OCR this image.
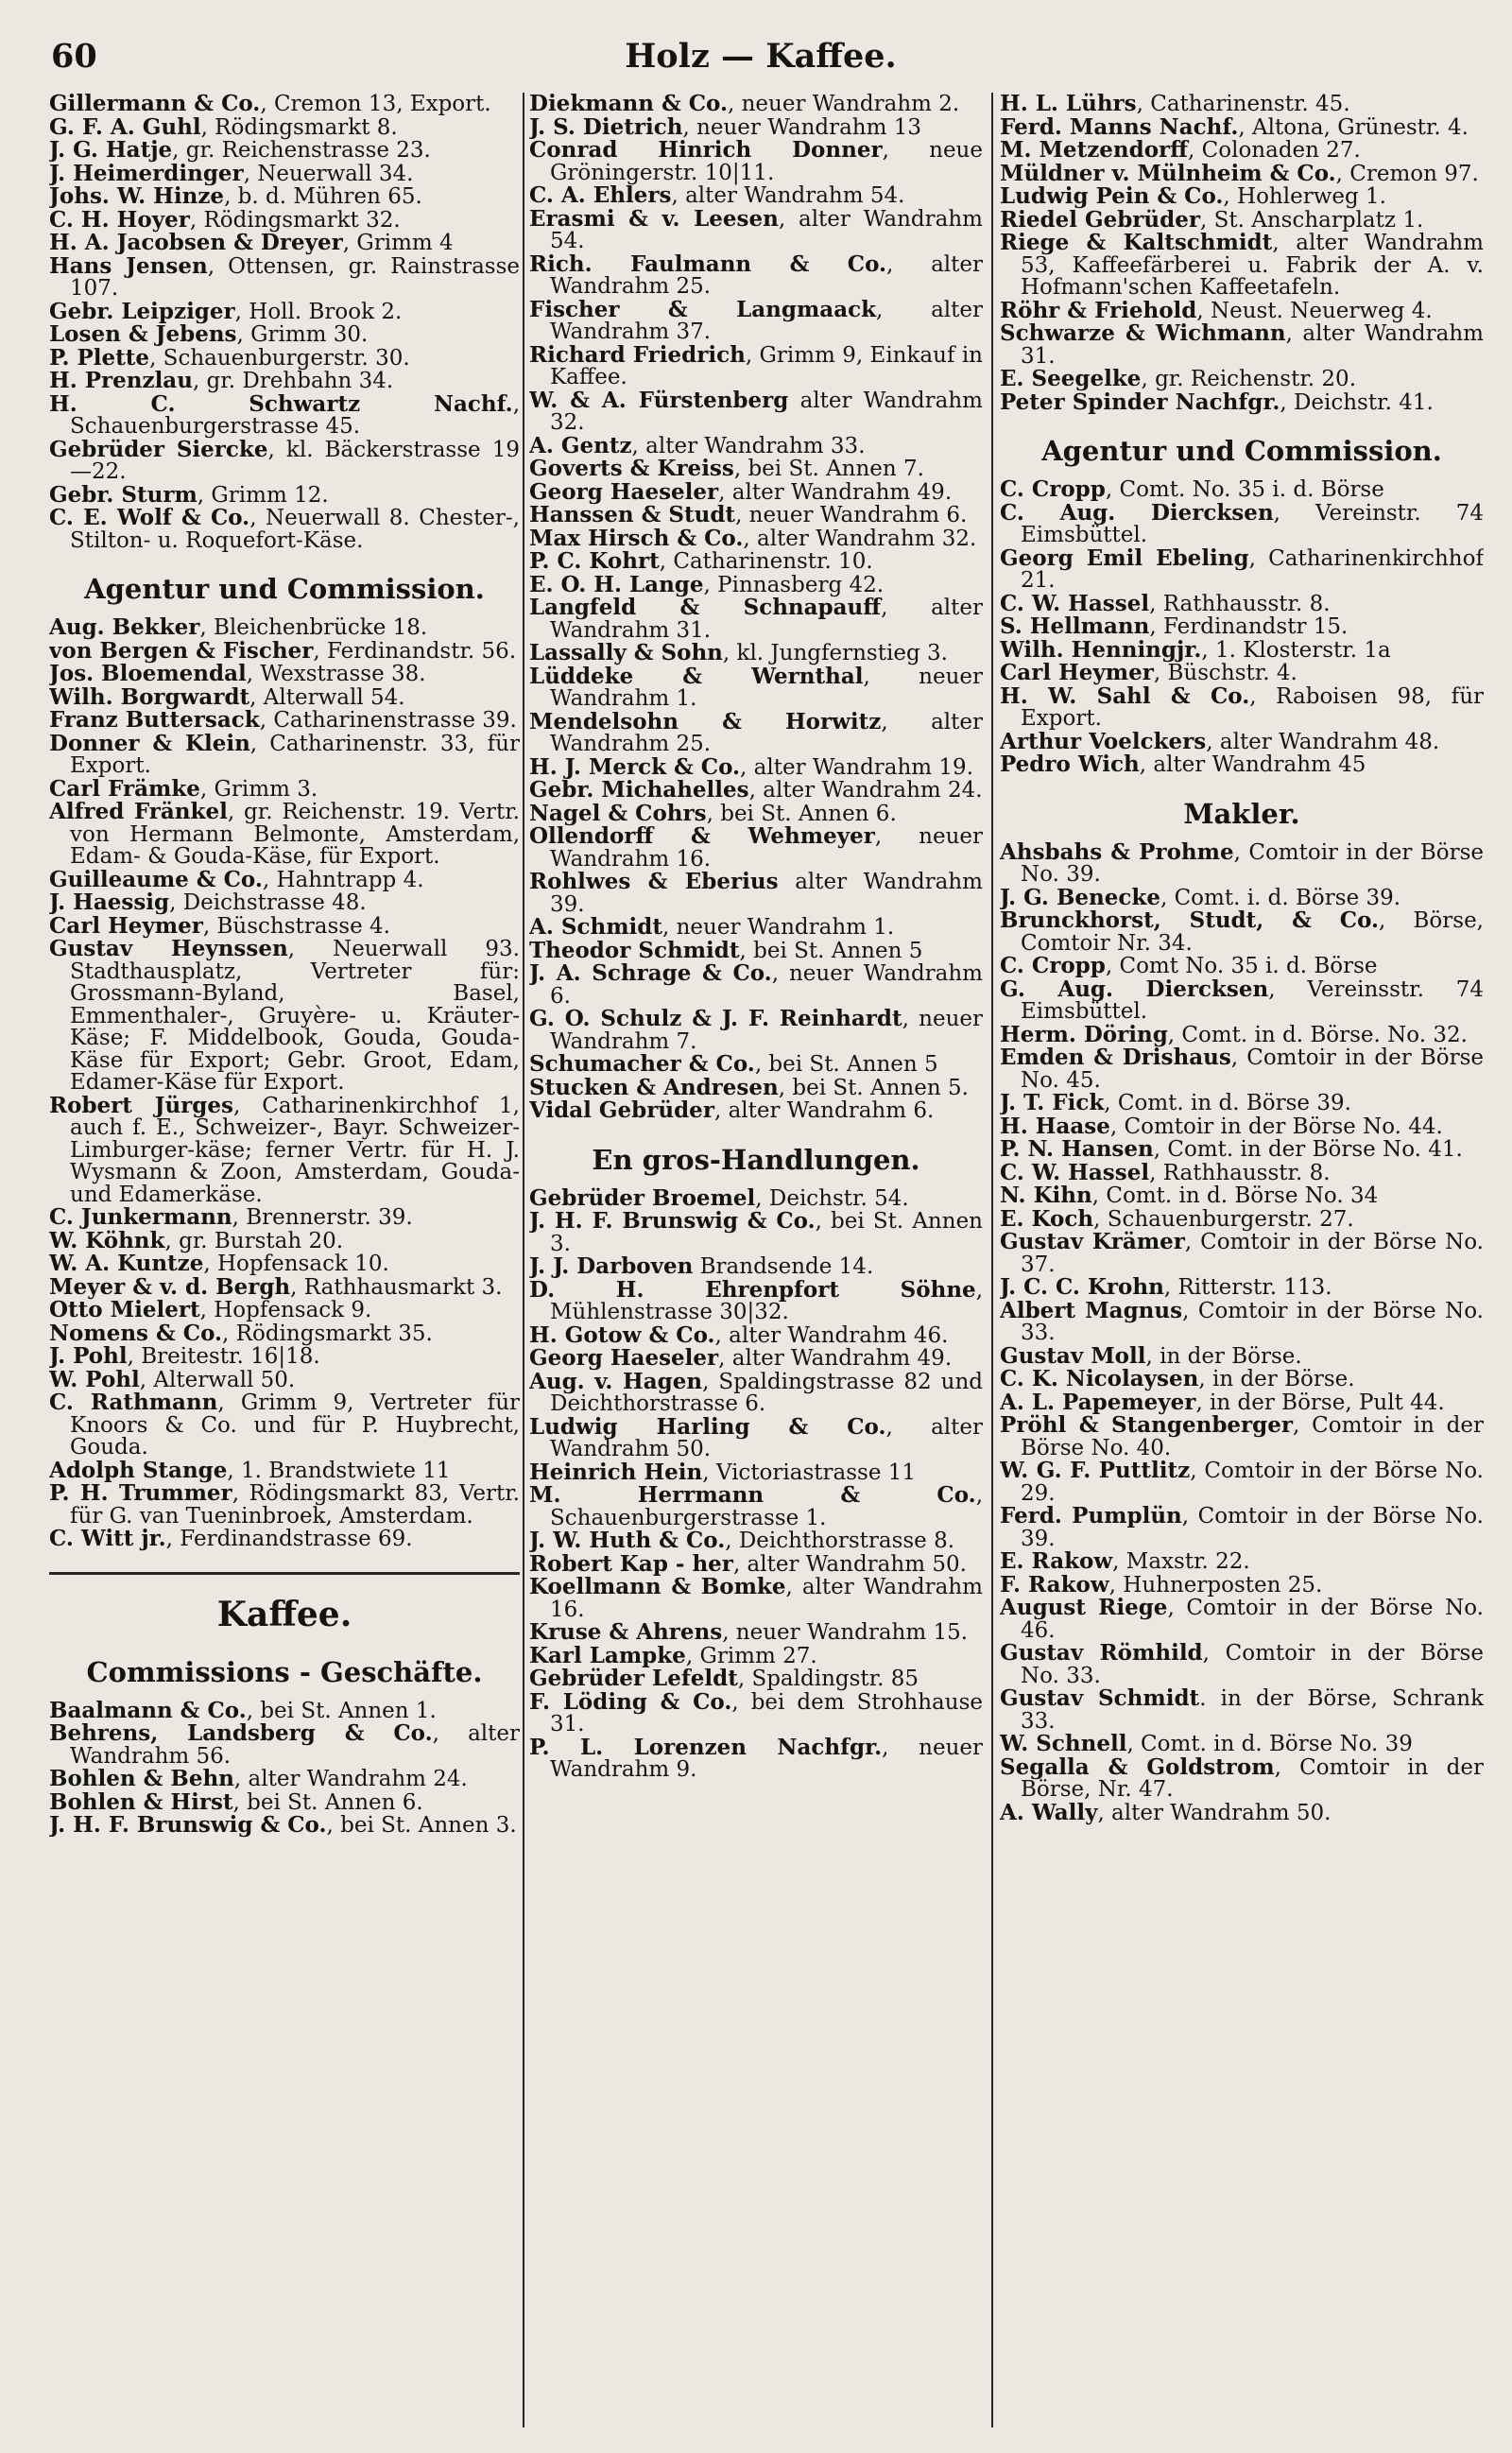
60	Holz — Kaffee.

Gillermann & Co., Cremon 13, Export.

G. F. A. Guhl, Rödingsmarkt 8.

J. G. Hatje, gr. Reichenstrasse 23.

J. Heimerdinger, Neuerwall 34.

Johs. W. Hinze, b. d. Mühren 65.

C. H. Hoyer, Rödingsmarkt 32.

H. A. Jacobsen & Dreyer, Grimm 4

Hans Jensen, Ottensen, gr. Rainstrasse 107.

Gebr. Leipziger, Holl. Brook 2.

Losen & Jebens, Grimm 30.

P. Plette, Schauenburgerstr. 30.

H. Prenzlau, gr. Drehbahn 34.

H. C. Schwartz Nachf., Schauenburgerstrasse 45.

Gebrüder Siercke, kl. Bäckerstrasse 19—22.

Gebr. Sturm, Grimm 12.

C. E. Wolf & Co., Neuerwall 8. Chester-, Stilton- u. Roquefort-Käse.

Agentur und Commission.

Aug. Bekker, Bleichenbrücke 18.

von Bergen & Fischer, Ferdinandstr. 56.

Jos. Bloemendal, Wexstrasse 38.

Wilh. Borgwardt, Alterwall 54.

Franz Buttersack, Catharinenstrasse 39.

Donner & Klein, Catharinenstr. 33, für Export.

Carl Främke, Grimm 3.

Alfred Fränkel, gr. Reichenstr. 19. Vertr. von Hermann Belmonte, Amsterdam, Edam- & Gouda-Käse, für Export.

Guilleaume & Co., Hahntrapp 4.

J. Haessig, Deichstrasse 48.

Carl Heymer, Büschstrasse 4.

Gustav Heynssen, Neuerwall 93. Stadthausplatz, Vertreter für: Grossmann-Byland, Basel, Emmenthaler-, Gruyère- u. Kräuter-Käse; F. Middelbook, Gouda, Gouda-Käse für Export; Gebr. Groot, Edam, Edamer-Käse für Export.

Robert Jürges, Catharinenkirchhof 1, auch f. E., Schweizer-, Bayr. Schweizer- Limburger-käse; ferner Vertr. für H. J. Wysmann & Zoon, Amsterdam, Gouda- und Edamerkäse.

C. Junkermann, Brennerstr. 39.

W. Köhnk, gr. Burstah 20.

W. A. Kuntze, Hopfensack 10.

Meyer & v. d. Bergh, Rathhausmarkt 3.

Otto Mielert, Hopfensack 9.

Nomens & Co., Rödingsmarkt 35.

J. Pohl, Breitestr. 16|18.

W. Pohl, Alterwall 50.

C. Rathmann, Grimm 9, Vertreter für Knoors & Co. und für P. Huybrecht, Gouda.

Adolph Stange, 1. Brandstwiete 11

P. H. Trummer, Rödingsmarkt 83, Vertr. für G. van Tueninbroek, Amsterdam.

C. Witt jr., Ferdinandstrasse 69.

Kaffee.
Commissions - Geschäfte.

Baalmann & Co., bei St. Annen 1.

Behrens, Landsberg & Co., alter Wandrahm 56.

Bohlen & Behn, alter Wandrahm 24.

Bohlen & Hirst, bei St. Annen 6.

J. H. F. Brunswig & Co., bei St. Annen 3.

Diekmann & Co., neuer Wandrahm 2.

J. S. Dietrich, neuer Wandrahm 13

Conrad Hinrich Donner, neue Gröningerstr. 10|11.

C. A. Ehlers, alter Wandrahm 54.

Erasmi & v. Leesen, alter Wandrahm 54.

Rich. Faulmann & Co., alter Wandrahm 25.

Fischer & Langmaack, alter Wandrahm 37.

Richard Friedrich, Grimm 9, Einkauf in Kaffee.

W. & A. Fürstenberg alter Wandrahm 32.

A. Gentz, alter Wandrahm 33.

Goverts & Kreiss, bei St. Annen 7.

Georg Haeseler, alter Wandrahm 49.

Hanssen & Studt, neuer Wandrahm 6.

Max Hirsch & Co., alter Wandrahm 32.

P. C. Kohrt, Catharinenstr. 10.

E. O. H. Lange, Pinnasberg 42.

Langfeld & Schnapauff, alter Wandrahm 31.

Lassally & Sohn, kl. Jungfernstieg 3.

Lüddeke & Wernthal, neuer Wandrahm 1.

Mendelsohn & Horwitz, alter Wandrahm 25.

H. J. Merck & Co., alter Wandrahm 19.

Gebr. Michahelles, alter Wandrahm 24.

Nagel & Cohrs, bei St. Annen 6.

Ollendorff & Wehmeyer, neuer Wandrahm 16.

Rohlwes & Eberius alter Wandrahm 39.

A. Schmidt, neuer Wandrahm 1.

Theodor Schmidt, bei St. Annen 5

J. A. Schrage & Co., neuer Wandrahm 6.

G. O. Schulz & J. F. Reinhardt, neuer Wandrahm 7.

Schumacher & Co., bei St. Annen 5

Stucken & Andresen, bei St. Annen 5.

Vidal Gebrüder, alter Wandrahm 6.

En gros-Handlungen.

Gebrüder Broemel, Deichstr. 54.

J. H. F. Brunswig & Co., bei St. Annen 3.

J. J. Darboven Brandsende 14.

D. H. Ehrenpfort Söhne, Mühlenstrasse 30|32.

H. Gotow & Co., alter Wandrahm 46.

Georg Haeseler, alter Wandrahm 49.

Aug. v. Hagen, Spaldingstrasse 82 und Deichthorstrasse 6.

Ludwig Harling & Co., alter Wandrahm 50.

Heinrich Hein, Victoriastrasse 11

M. Herrmann & Co., Schauenburgerstrasse 1.

J. W. Huth & Co., Deichthorstrasse 8.

Robert Kap - her, alter Wandrahm 50.

Koellmann & Bomke, alter Wandrahm 16.

Kruse & Ahrens, neuer Wandrahm 15.

Karl Lampke, Grimm 27.

Gebrüder Lefeldt, Spaldingstr. 85

F. Löding & Co., bei dem Strohhause 31.

P. L. Lorenzen Nachfgr., neuer Wandrahm 9.

H. L. Lührs, Catharinenstr. 45.

Ferd. Manns Nachf., Altona, Grünestr. 4.

M. Metzendorff, Colonaden 27.

Müldner v. Mülnheim & Co., Cremon 97.

Ludwig Pein & Co., Hohlerweg 1.

Riedel Gebrüder, St. Anscharplatz 1.

Riege & Kaltschmidt, alter Wandrahm 53, Kaffeefärberei u. Fabrik der A. v. Hofmann'schen Kaffeetafeln.

Röhr & Friehold, Neust. Neuerweg 4.

Schwarze & Wichmann, alter Wandrahm 31.

E. Seegelke, gr. Reichenstr. 20.

Peter Spinder Nachfgr., Deichstr. 41.

Agentur und Commission.

C. Cropp, Comt. No. 35 i. d. Börse

C. Aug. Diercksen, Vereinstr. 74 Eimsbüttel.

Georg Emil Ebeling, Catharinenkirchhof 21.

C. W. Hassel, Rathhausstr. 8.

S. Hellmann, Ferdinandstr 15.

Wilh. Henningjr., 1. Klosterstr. 1a

Carl Heymer, Büschstr. 4.

H. W. Sahl & Co., Raboisen 98, für Export.

Arthur Voelckers, alter Wandrahm 48.

Pedro Wich, alter Wandrahm 45

Makler.

Ahsbahs & Prohme, Comtoir in der Börse No. 39.

J. G. Benecke, Comt. i. d. Börse 39.

Brunckhorst, Studt, & Co., Börse, Comtoir Nr. 34.

C. Cropp, Comt No. 35 i. d. Börse

G. Aug. Diercksen, Vereinsstr. 74 Eimsbüttel.

Herm. Döring, Comt. in d. Börse. No. 32.

Emden & Drishaus, Comtoir in der Börse No. 45.

J. T. Fick, Comt. in d. Börse 39.

H. Haase, Comtoir in der Börse No. 44.

P. N. Hansen, Comt. in der Börse No. 41.

C. W. Hassel, Rathhausstr. 8.

N. Kihn, Comt. in d. Börse No. 34

E. Koch, Schauenburgerstr. 27.

Gustav Krämer, Comtoir in der Börse No. 37.

J. C. C. Krohn, Ritterstr. 113.

Albert Magnus, Comtoir in der Börse No. 33.

Gustav Moll, in der Börse.

C. K. Nicolaysen, in der Börse.

A. L. Papemeyer, in der Börse, Pult 44.

Pröhl & Stangenberger, Comtoir in der Börse No. 40.

W. G. F. Puttlitz, Comtoir in der Börse No. 29.

Ferd. Pumplün, Comtoir in der Börse No. 39.

E. Rakow, Maxstr. 22.

F. Rakow, Huhnerposten 25.

August Riege, Comtoir in der Börse No. 46.

Gustav Römhild, Comtoir in der Börse No. 33.

Gustav Schmidt. in der Börse, Schrank 33.

W. Schnell, Comt. in d. Börse No. 39

Segalla & Goldstrom, Comtoir in der Börse, Nr. 47.

A. Wally, alter Wandrahm 50.
